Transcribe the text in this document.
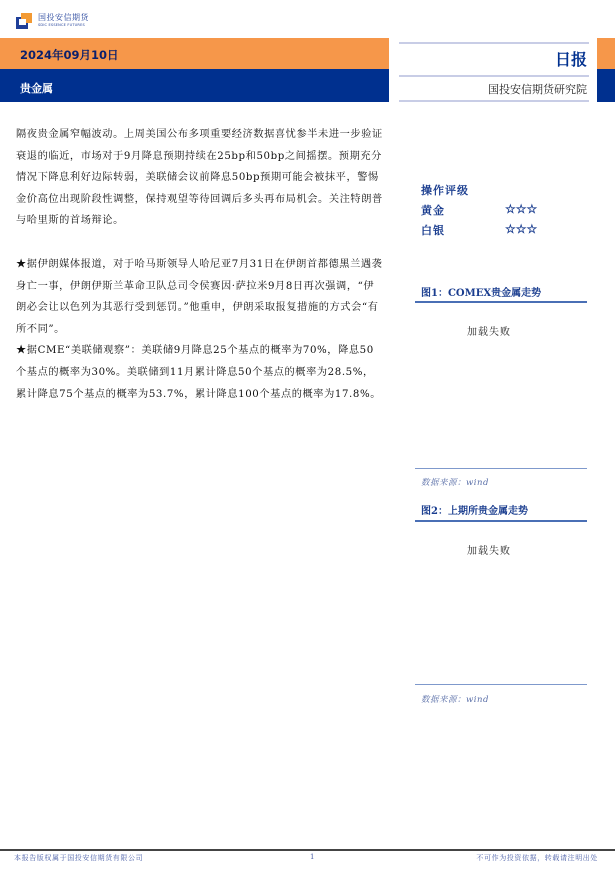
国投安信期货
SDIC ESSENCE FUTURES
2024年09月10日
贵金属
日报
国投安信期货研究院

隔夜贵金属窄幅波动。上周美国公布多项重要经济数据喜忧参半未进一步验证衰退的临近，市场对于9月降息预期持续在25bp和50bp之间摇摆。预期充分情况下降息利好边际转弱，美联储会议前降息50bp预期可能会被抹平，警惕金价高位出现阶段性调整，保持观望等待回调后多头再布局机会。关注特朗普与哈里斯的首场辩论。

★据伊朗媒体报道，对于哈马斯领导人哈尼亚7月31日在伊朗首都德黑兰遇袭身亡一事，伊朗伊斯兰革命卫队总司令侯赛因·萨拉米9月8日再次强调，“伊朗必会让以色列为其恶行受到惩罚。”他重申，伊朗采取报复措施的方式会“有所不同”。

★据CME“美联储观察”：美联储9月降息25个基点的概率为70%，降息50个基点的概率为30%。美联储到11月累计降息50个基点的概率为28.5%，累计降息75个基点的概率为53.7%，累计降息100个基点的概率为17.8%。

操作评级
黄金	☆☆☆
白银	☆☆☆
图1：COMEX贵金属走势
加载失败
数据来源：wind
图2：上期所贵金属走势
加载失败
数据来源：wind
本报告版权属于国投安信期货有限公司	1	不可作为投资依据，转载请注明出处
